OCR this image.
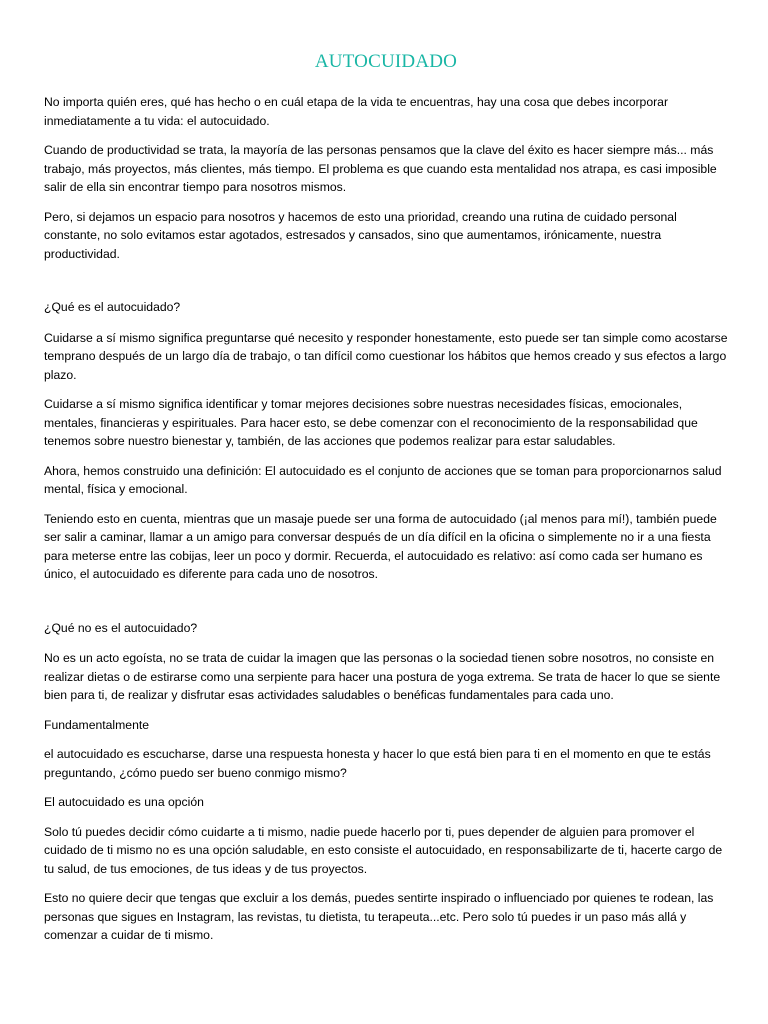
AUTOCUIDADO

No importa quién eres, qué has hecho o en cuál etapa de la vida te encuentras, hay una cosa que debes incorporar inmediatamente a tu vida: el autocuidado.

Cuando de productividad se trata, la mayoría de las personas pensamos que la clave del éxito es hacer siempre más... más trabajo, más proyectos, más clientes, más tiempo. El problema es que cuando esta mentalidad nos atrapa, es casi imposible salir de ella sin encontrar tiempo para nosotros mismos.

Pero, si dejamos un espacio para nosotros y hacemos de esto una prioridad, creando una rutina de cuidado personal constante, no solo evitamos estar agotados, estresados y cansados, sino que aumentamos, irónicamente, nuestra productividad.

¿Qué es el autocuidado?

Cuidarse a sí mismo significa preguntarse qué necesito y responder honestamente, esto puede ser tan simple como acostarse temprano después de un largo día de trabajo, o tan difícil como cuestionar los hábitos que hemos creado y sus efectos a largo plazo.

Cuidarse a sí mismo significa identificar y tomar mejores decisiones sobre nuestras necesidades físicas, emocionales, mentales, financieras y espirituales. Para hacer esto, se debe comenzar con el reconocimiento de la responsabilidad que tenemos sobre nuestro bienestar y, también, de las acciones que podemos realizar para estar saludables.

Ahora, hemos construido una definición: El autocuidado es el conjunto de acciones que se toman para proporcionarnos salud mental, física y emocional.

Teniendo esto en cuenta, mientras que un masaje puede ser una forma de autocuidado (¡al menos para mí!), también puede ser salir a caminar, llamar a un amigo para conversar después de un día difícil en la oficina o simplemente no ir a una fiesta para meterse entre las cobijas, leer un poco y dormir. Recuerda, el autocuidado es relativo: así como cada ser humano es único, el autocuidado es diferente para cada uno de nosotros.

¿Qué no es el autocuidado?

No es un acto egoísta, no se trata de cuidar la imagen que las personas o la sociedad tienen sobre nosotros, no consiste en realizar dietas o de estirarse como una serpiente para hacer una postura de yoga extrema. Se trata de hacer lo que se siente bien para ti, de realizar y disfrutar esas actividades saludables o benéficas fundamentales para cada uno.

Fundamentalmente

el autocuidado es escucharse, darse una respuesta honesta y hacer lo que está bien para ti en el momento en que te estás preguntando, ¿cómo puedo ser bueno conmigo mismo?

El autocuidado es una opción

Solo tú puedes decidir cómo cuidarte a ti mismo, nadie puede hacerlo por ti, pues depender de alguien para promover el cuidado de ti mismo no es una opción saludable, en esto consiste el autocuidado, en responsabilizarte de ti, hacerte cargo de tu salud, de tus emociones, de tus ideas y de tus proyectos.

Esto no quiere decir que tengas que excluir a los demás, puedes sentirte inspirado o influenciado por quienes te rodean, las personas que sigues en Instagram, las revistas, tu dietista, tu terapeuta...etc. Pero solo tú puedes ir un paso más allá y comenzar a cuidar de ti mismo.
